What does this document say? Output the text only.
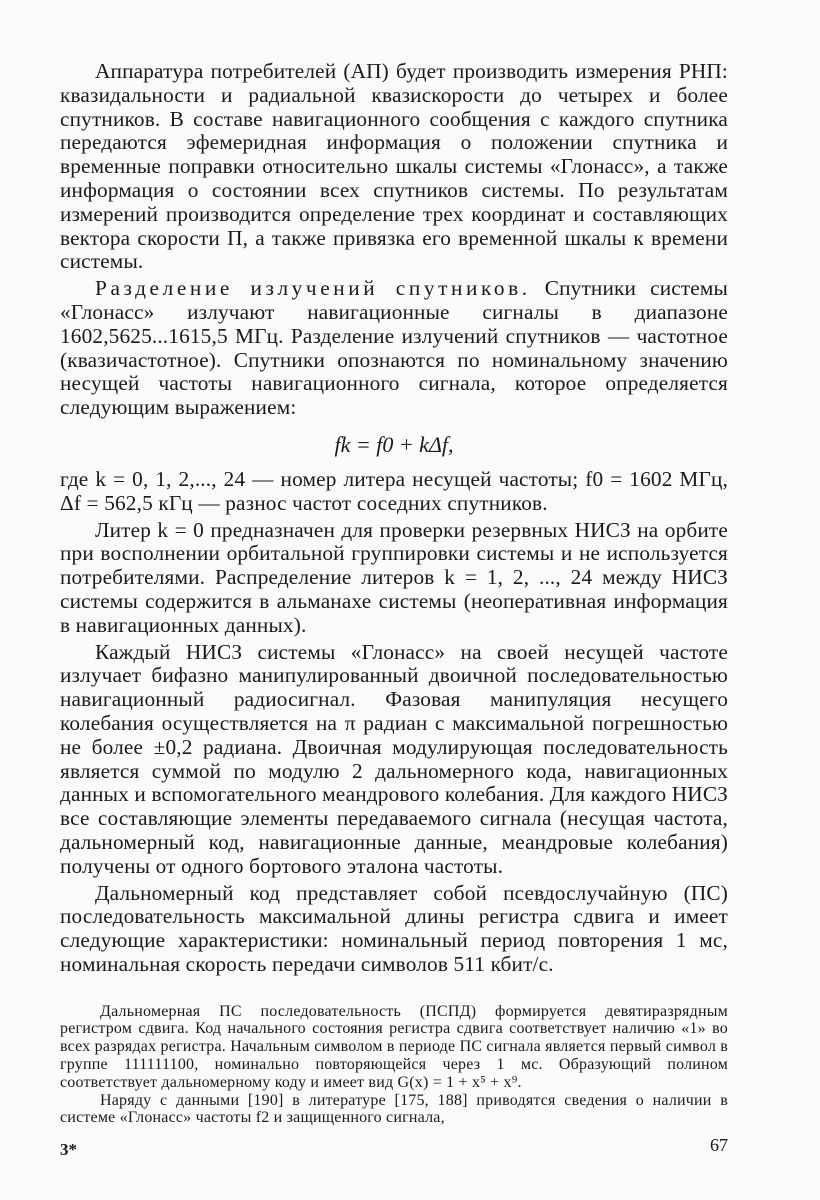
Аппаратура потребителей (АП) будет производить измерения РНП: квазидальности и радиальной квазискорости до четырех и более спутников. В составе навигационного сообщения с каждого спутника передаются эфемеридная информация о положении спутника и временные поправки относительно шкалы системы «Глонасс», а также информация о состоянии всех спутников системы. По результатам измерений производится определение трех координат и составляющих вектора скорости П, а также привязка его временной шкалы к времени системы.

Разделение излучений спутников. Спутники системы «Глонасс» излучают навигационные сигналы в диапазоне 1602,5625...1615,5 МГц. Разделение излучений спутников — частотное (квазичастотное). Спутники опознаются по номинальному значению несущей частоты навигационного сигнала, которое определяется следующим выражением:

fk = f0 + kΔf,

где k = 0, 1, 2,..., 24 — номер литера несущей частоты; f0 = 1602 МГц, Δf = 562,5 кГц — разнос частот соседних спутников.

Литер k = 0 предназначен для проверки резервных НИСЗ на орбите при восполнении орбитальной группировки системы и не используется потребителями. Распределение литеров k = 1, 2, ..., 24 между НИСЗ системы содержится в альманахе системы (неоперативная информация в навигационных данных).

Каждый НИСЗ системы «Глонасс» на своей несущей частоте излучает бифазно манипулированный двоичной последовательностью навигационный радиосигнал. Фазовая манипуляция несущего колебания осуществляется на π радиан с максимальной погрешностью не более ±0,2 радиана. Двоичная модулирующая последовательность является суммой по модулю 2 дальномерного кода, навигационных данных и вспомогательного меандрового колебания. Для каждого НИСЗ все составляющие элементы передаваемого сигнала (несущая частота, дальномерный код, навигационные данные, меандровые колебания) получены от одного бортового эталона частоты.

Дальномерный код представляет собой псевдослучайную (ПС) последовательность максимальной длины регистра сдвига и имеет следующие характеристики: номинальный период повторения 1 мс, номинальная скорость передачи символов 511 кбит/с.

Дальномерная ПС последовательность (ПСПД) формируется девятиразрядным регистром сдвига. Код начального состояния регистра сдвига соответствует наличию «1» во всех разрядах регистра. Начальным символом в периоде ПС сигнала является первый символ в группе 111111100, номинально повторяющейся через 1 мс. Образующий полином соответствует дальномерному коду и имеет вид G(x) = 1 + x⁵ + x⁹.

Наряду с данными [190] в литературе [175, 188] приводятся сведения о наличии в системе «Глонасс» частоты f2 и защищенного сигнала,

3*	67
